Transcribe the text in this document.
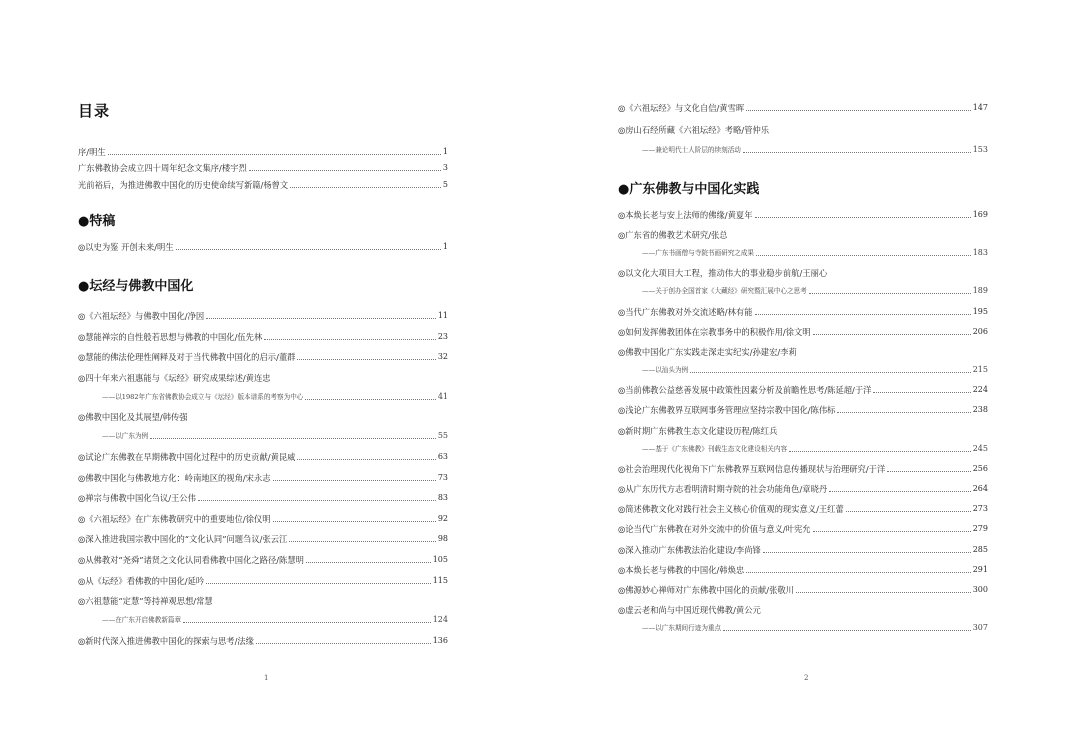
目录
序/明生	1
广东佛教协会成立四十周年纪念文集序/楼宇烈	3
光前裕后，为推进佛教中国化的历史使命续写新篇/杨曾文	5
●特稿
◎以史为鉴 开创未来/明生	1
●坛经与佛教中国化
◎《六祖坛经》与佛教中国化/净因	11
◎慧能禅宗的自性般若思想与佛教的中国化/伍先林	23
◎慧能的佛法伦理性阐释及对于当代佛教中国化的启示/董群	32
◎四十年来六祖惠能与《坛经》研究成果综述/黄连忠
——以1982年广东省佛教协会成立与《坛经》版本谱系的考察为中心	41
◎佛教中国化及其展望/韩传强
——以广东为例	55
◎试论广东佛教在早期佛教中国化过程中的历史贡献/黄昆威	63
◎佛教中国化与佛教地方化：岭南地区的视角/宋永志	73
◎禅宗与佛教中国化刍议/王公伟	83
◎《六祖坛经》在广东佛教研究中的重要地位/徐仪明	92
◎深入推进我国宗教中国化的“文化认同”问题刍议/张云江	98
◎从佛教对“尧舜”诸贤之文化认同看佛教中国化之路径/陈慧明	105
◎从《坛经》看佛教的中国化/延吟	115
◎六祖慧能“定慧”等持禅观思想/常慧
——在广东开启佛教新篇章	124
◎新时代深入推进佛教中国化的探索与思考/法缘	136
1
◎《六祖坛经》与文化自信/黄雪晖	147
◎房山石经所藏《六祖坛经》考略/管仲乐
——兼论明代士人阶层的续刻活动	153
●广东佛教与中国化实践
◎本焕长老与安上法师的佛缘/黄夏年	169
◎广东省的佛教艺术研究/张总
——广东书画僧与寺院书画研究之成果	183
◎以文化大项目大工程，推动伟大的事业稳步前航/王丽心
——关于创办全国首家《大藏经》研究暨汇展中心之思考	189
◎当代广东佛教对外交流述略/林有能	195
◎如何发挥佛教团体在宗教事务中的积极作用/徐文明	206
◎佛教中国化广东实践走深走实纪实/孙建宏/李莉
——以汕头为例	215
◎当前佛教公益慈善发展中政策性因素分析及前瞻性思考/陈延超/于洋	224
◎浅论广东佛教界互联网事务管理应坚持宗教中国化/陈伟标	238
◎新时期广东佛教生态文化建设历程/陈红兵
——基于《广东佛教》刊载生态文化建设相关内容	245
◎社会治理现代化视角下广东佛教界互联网信息传播现状与治理研究/于洋	256
◎从广东历代方志看明清时期寺院的社会功能角色/章晓丹	264
◎简述佛教文化对践行社会主义核心价值观的现实意义/王红蕾	273
◎论当代广东佛教在对外交流中的价值与意义/叶宪允	279
◎深入推动广东佛教法治化建设/李尚锋	285
◎本焕长老与佛教的中国化/韩焕忠	291
◎佛源妙心禅师对广东佛教中国化的贡献/张敬川	300
◎虚云老和尚与中国近现代佛教/黄公元
——以广东期间行迹为重点	307
2
